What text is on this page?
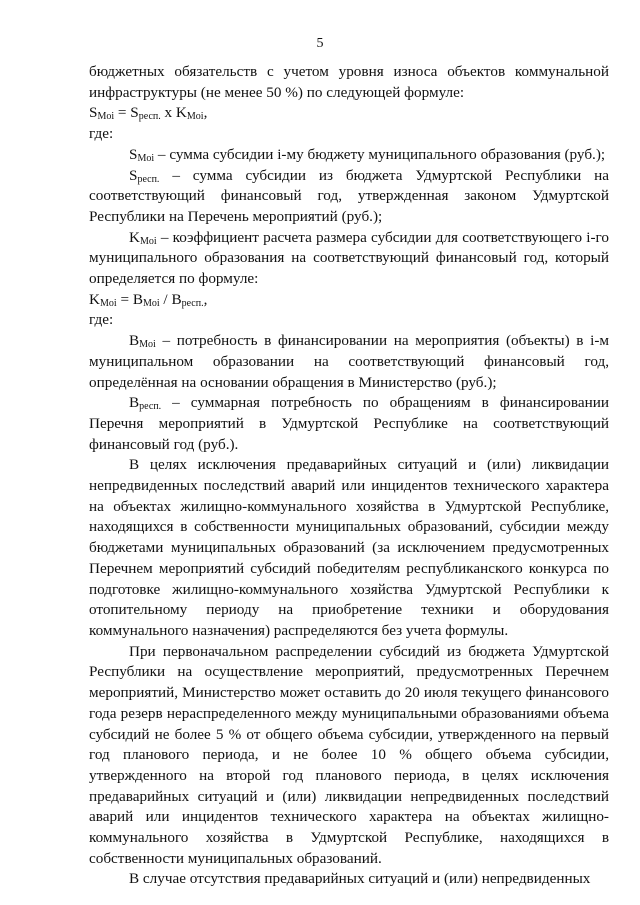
5

бюджетных обязательств с учетом уровня износа объектов коммунальной инфраструктуры (не менее 50 %) по следующей формуле:

$S_{Moi} = S_{респ.}$ x $K_{Moi}$,

где:

$S_{Moi}$ – сумма субсидии i-му бюджету муниципального образования (руб.);

$S_{респ.}$ – сумма субсидии из бюджета Удмуртской Республики на соответствующий финансовый год, утвержденная законом Удмуртской Республики на Перечень мероприятий (руб.);

$K_{Moi}$ – коэффициент расчета размера субсидии для соответствующего i-го муниципального образования на соответствующий финансовый год, который определяется по формуле:

$K_{Moi} = B_{Moi} / B_{респ.}$,

где:

$B_{Moi}$ – потребность в финансировании на мероприятия (объекты) в i-м муниципальном образовании на соответствующий финансовый год, определённая на основании обращения в Министерство (руб.);

$B_{респ.}$ – суммарная потребность по обращениям в финансировании Перечня мероприятий в Удмуртской Республике на соответствующий финансовый год (руб.).

В целях исключения предаварийных ситуаций и (или) ликвидации непредвиденных последствий аварий или инцидентов технического характера на объектах жилищно-коммунального хозяйства в Удмуртской Республике, находящихся в собственности муниципальных образований, субсидии между бюджетами муниципальных образований (за исключением предусмотренных Перечнем мероприятий субсидий победителям республиканского конкурса по подготовке жилищно-коммунального хозяйства Удмуртской Республики к отопительному периоду на приобретение техники и оборудования коммунального назначения) распределяются без учета формулы.

При первоначальном распределении субсидий из бюджета Удмуртской Республики на осуществление мероприятий, предусмотренных Перечнем мероприятий, Министерство может оставить до 20 июля текущего финансового года резерв нераспределенного между муниципальными образованиями объема субсидий не более 5 % от общего объема субсидии, утвержденного на первый год планового периода, и не более 10 % общего объема субсидии, утвержденного на второй год планового периода, в целях исключения предаварийных ситуаций и (или) ликвидации непредвиденных последствий аварий или инцидентов технического характера на объектах жилищно-коммунального хозяйства в Удмуртской Республике, находящихся в собственности муниципальных образований.

В случае отсутствия предаварийных ситуаций и (или) непредвиденных
